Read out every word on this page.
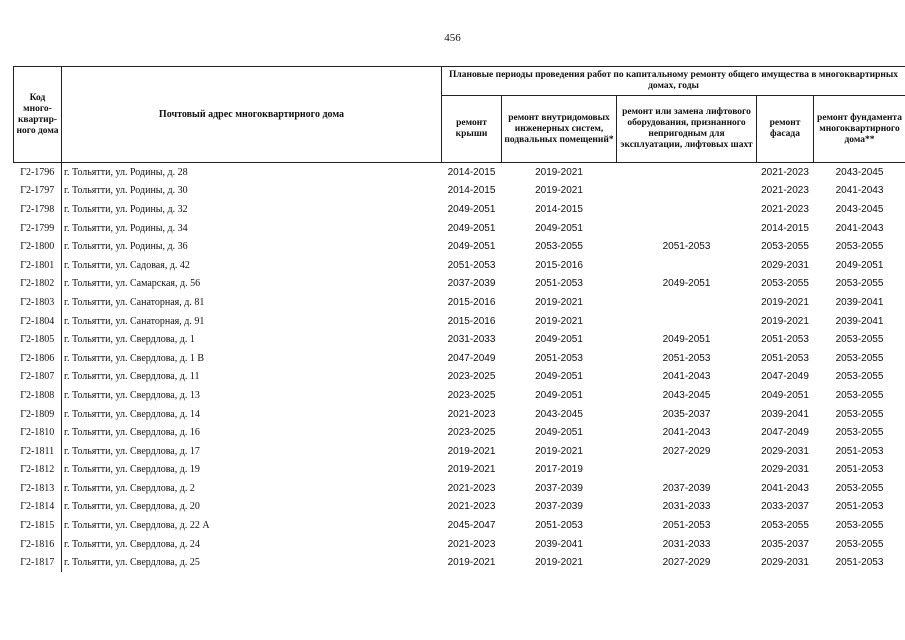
456
Код много-квартир-ного дома	Почтовый адрес многоквартирного дома	Плановые периоды проведения работ по капитальному ремонту общего имущества в многоквартирных домах, годы				
		ремонт крыши	ремонт внутридомовых инженерных систем, подвальных помещений*	ремонт или замена лифтового оборудования, признанного непригодным для эксплуатации, лифтовых шахт	ремонт фасада	ремонт фундамента многоквартирного дома**
Г2-1796	г. Тольятти, ул. Родины, д. 28	2014-2015	2019-2021		2021-2023	2043-2045
Г2-1797	г. Тольятти, ул. Родины, д. 30	2014-2015	2019-2021		2021-2023	2041-2043
Г2-1798	г. Тольятти, ул. Родины, д. 32	2049-2051	2014-2015		2021-2023	2043-2045
Г2-1799	г. Тольятти, ул. Родины, д. 34	2049-2051	2049-2051		2014-2015	2041-2043
Г2-1800	г. Тольятти, ул. Родины, д. 36	2049-2051	2053-2055	2051-2053	2053-2055	2053-2055
Г2-1801	г. Тольятти, ул. Садовая, д. 42	2051-2053	2015-2016		2029-2031	2049-2051
Г2-1802	г. Тольятти, ул. Самарская, д. 56	2037-2039	2051-2053	2049-2051	2053-2055	2053-2055
Г2-1803	г. Тольятти, ул. Санаторная, д. 81	2015-2016	2019-2021		2019-2021	2039-2041
Г2-1804	г. Тольятти, ул. Санаторная, д. 91	2015-2016	2019-2021		2019-2021	2039-2041
Г2-1805	г. Тольятти, ул. Свердлова, д. 1	2031-2033	2049-2051	2049-2051	2051-2053	2053-2055
Г2-1806	г. Тольятти, ул. Свердлова, д. 1 В	2047-2049	2051-2053	2051-2053	2051-2053	2053-2055
Г2-1807	г. Тольятти, ул. Свердлова, д. 11	2023-2025	2049-2051	2041-2043	2047-2049	2053-2055
Г2-1808	г. Тольятти, ул. Свердлова, д. 13	2023-2025	2049-2051	2043-2045	2049-2051	2053-2055
Г2-1809	г. Тольятти, ул. Свердлова, д. 14	2021-2023	2043-2045	2035-2037	2039-2041	2053-2055
Г2-1810	г. Тольятти, ул. Свердлова, д. 16	2023-2025	2049-2051	2041-2043	2047-2049	2053-2055
Г2-1811	г. Тольятти, ул. Свердлова, д. 17	2019-2021	2019-2021	2027-2029	2029-2031	2051-2053
Г2-1812	г. Тольятти, ул. Свердлова, д. 19	2019-2021	2017-2019		2029-2031	2051-2053
Г2-1813	г. Тольятти, ул. Свердлова, д. 2	2021-2023	2037-2039	2037-2039	2041-2043	2053-2055
Г2-1814	г. Тольятти, ул. Свердлова, д. 20	2021-2023	2037-2039	2031-2033	2033-2037	2051-2053
Г2-1815	г. Тольятти, ул. Свердлова, д. 22 А	2045-2047	2051-2053	2051-2053	2053-2055	2053-2055
Г2-1816	г. Тольятти, ул. Свердлова, д. 24	2021-2023	2039-2041	2031-2033	2035-2037	2053-2055
Г2-1817	г. Тольятти, ул. Свердлова, д. 25	2019-2021	2019-2021	2027-2029	2029-2031	2051-2053
